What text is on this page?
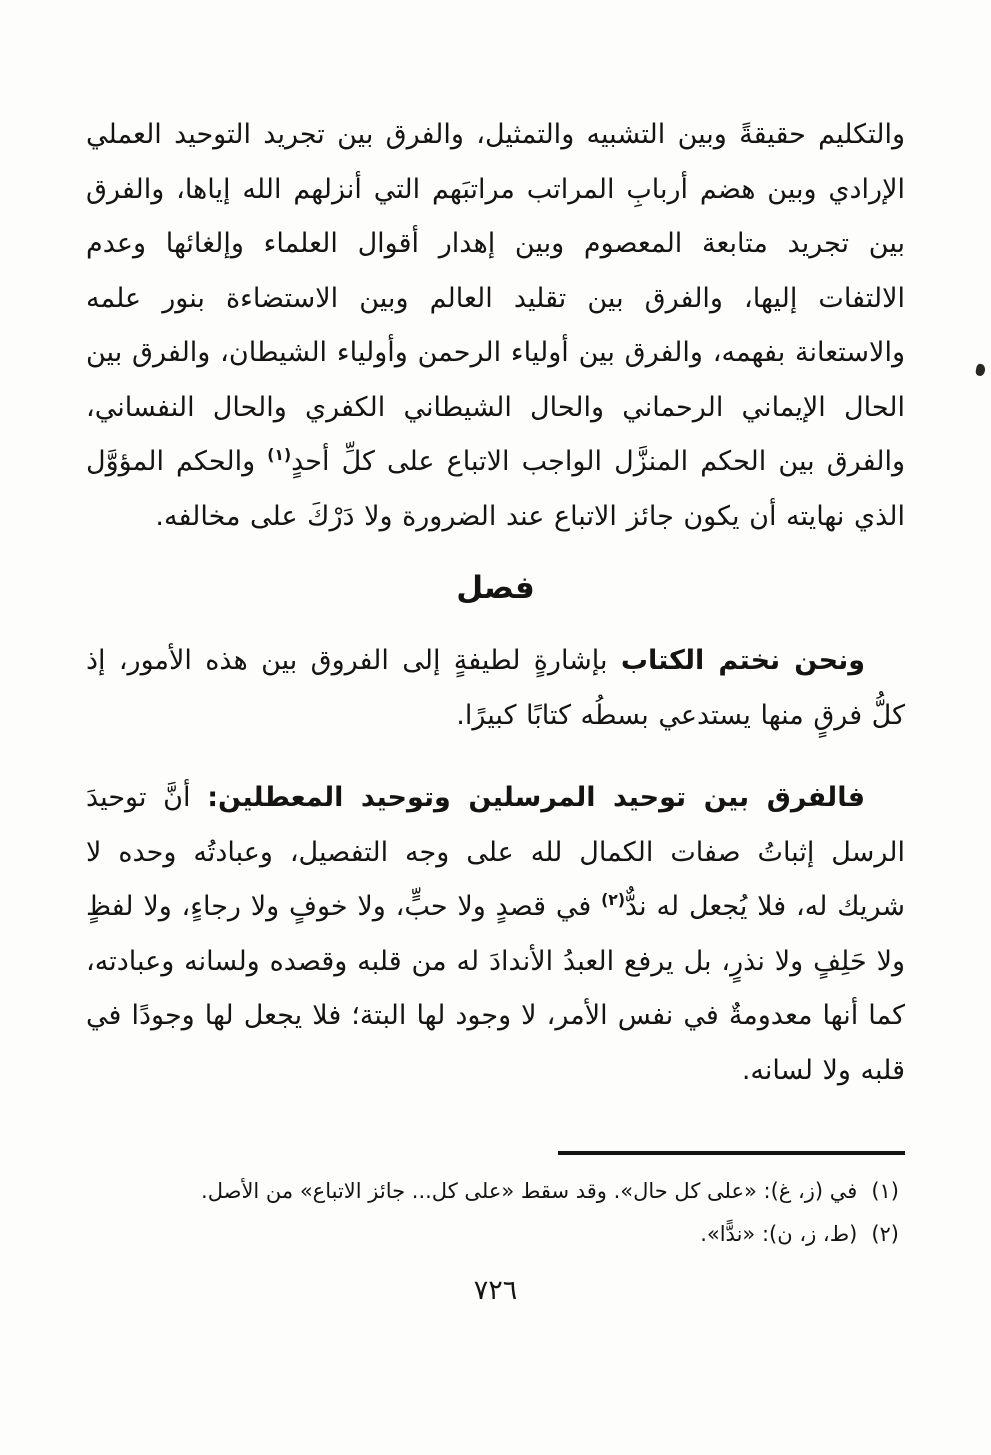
والتكليم حقيقةً وبين التشبيه والتمثيل، والفرق بين تجريد التوحيد العملي الإرادي وبين هضم أربابِ المراتب مراتبَهم التي أنزلهم الله إياها، والفرق بين تجريد متابعة المعصوم وبين إهدار أقوال العلماء وإلغائها وعدم الالتفات إليها، والفرق بين تقليد العالم وبين الاستضاءة بنور علمه والاستعانة بفهمه، والفرق بين أولياء الرحمن وأولياء الشيطان، والفرق بين الحال الإيماني الرحماني والحال الشيطاني الكفري والحال النفساني، والفرق بين الحكم المنزَّل الواجب الاتباع على كلِّ أحدٍ$^{(١)}$ والحكم المؤوَّل الذي نهايته أن يكون جائز الاتباع عند الضرورة ولا دَرْكَ على مخالفه.

فصل

ونحن نختم الكتاب بإشارةٍ لطيفةٍ إلى الفروق بين هذه الأمور، إذ كلُّ فرقٍ منها يستدعي بسطُه كتابًا كبيرًا.

فالفرق بين توحيد المرسلين وتوحيد المعطلين: أنَّ توحيدَ الرسل إثباتُ صفات الكمال لله على وجه التفصيل، وعبادتُه وحده لا شريك له، فلا يُجعل له ندٌّ$^{(٢)}$ في قصدٍ ولا حبٍّ، ولا خوفٍ ولا رجاءٍ، ولا لفظٍ ولا حَلِفٍ ولا نذرٍ، بل يرفع العبدُ الأندادَ له من قلبه وقصده ولسانه وعبادته، كما أنها معدومةٌ في نفس الأمر، لا وجود لها البتة؛ فلا يجعل لها وجودًا في قلبه ولا لسانه.

(١)
في (ز، غ): «على كل حال». وقد سقط «على كل... جائز الاتباع» من الأصل.
(٢)
(ط، ز، ن): «ندًّا».
٧٢٦
